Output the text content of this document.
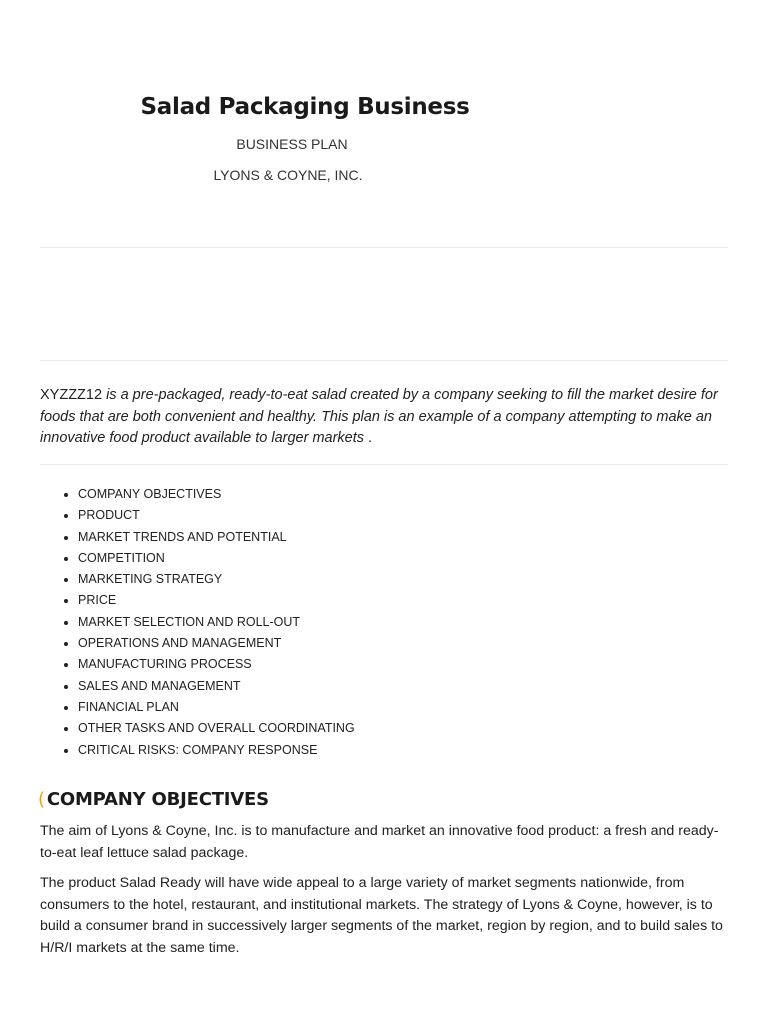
Salad Packaging Business

BUSINESS PLAN

LYONS & COYNE, INC.

XYZZZ12 is a pre-packaged, ready-to-eat salad created by a company seeking to fill the market desire for foods that are both convenient and healthy. This plan is an example of a company attempting to make an innovative food product available to larger markets .

• COMPANY OBJECTIVES
• PRODUCT
• MARKET TRENDS AND POTENTIAL
• COMPETITION
• MARKETING STRATEGY
• PRICE
• MARKET SELECTION AND ROLL-OUT
• OPERATIONS AND MANAGEMENT
• MANUFACTURING PROCESS
• SALES AND MANAGEMENT
• FINANCIAL PLAN
• OTHER TASKS AND OVERALL COORDINATING
• CRITICAL RISKS: COMPANY RESPONSE
( COMPANY OBJECTIVES

The aim of Lyons & Coyne, Inc. is to manufacture and market an innovative food product: a fresh and ready-to-eat leaf lettuce salad package.

The product Salad Ready will have wide appeal to a large variety of market segments nationwide, from consumers to the hotel, restaurant, and institutional markets. The strategy of Lyons & Coyne, however, is to build a consumer brand in successively larger segments of the market, region by region, and to build sales to H/R/I markets at the same time.
